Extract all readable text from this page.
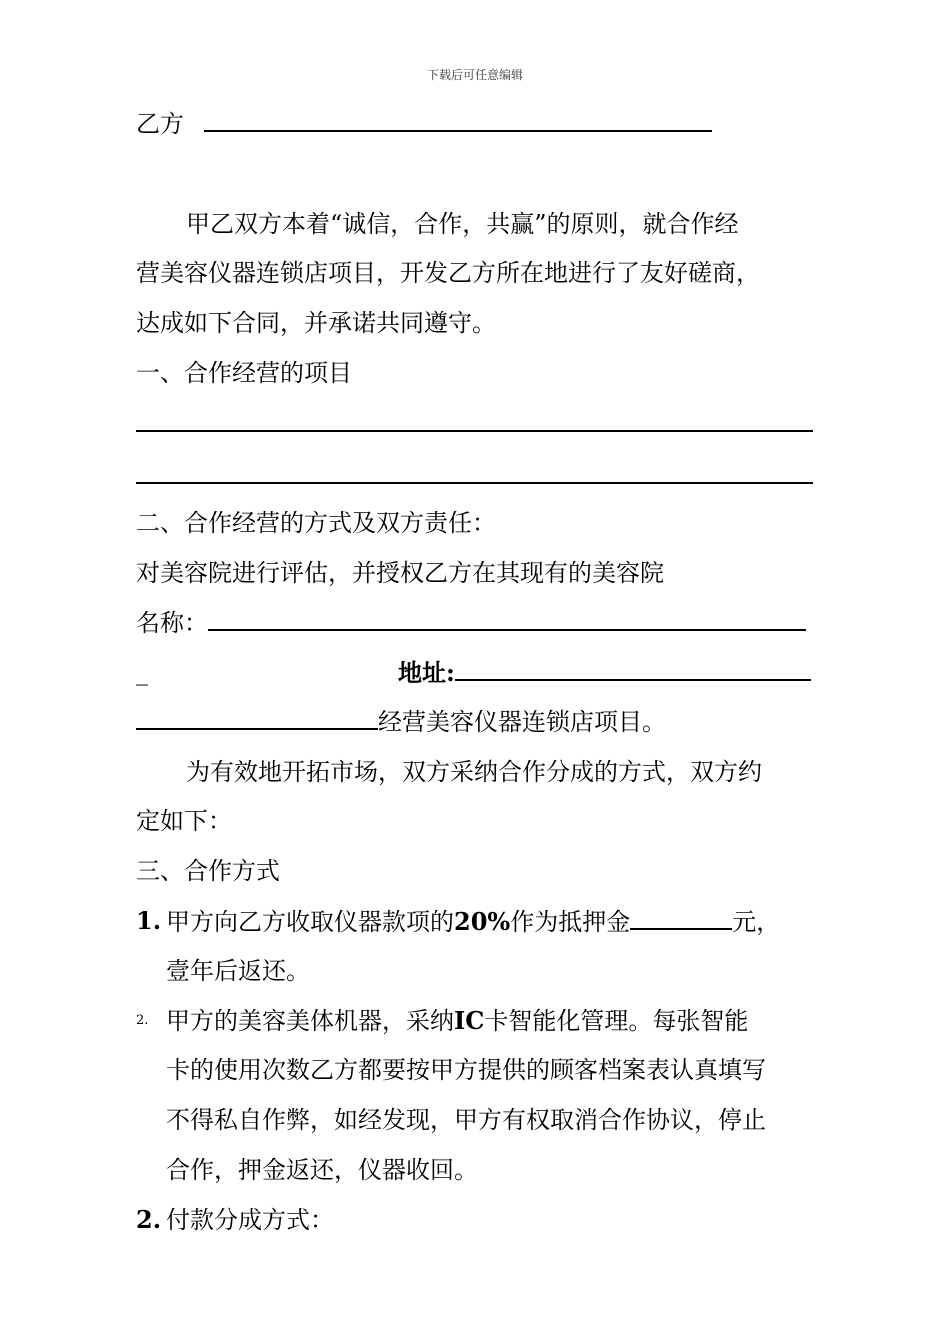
下载后可任意编辑
乙方
甲乙双方本着“诚信，合作，共赢”的原则，就合作经
营美容仪器连锁店项目，开发乙方所在地进行了友好磋商，
达成如下合同，并承诺共同遵守。
一、合作经营的项目
二、合作经营的方式及双方责任：
对美容院进行评估，并授权乙方在其现有的美容院
名称：
_	地址:
经营美容仪器连锁店项目。
为有效地开拓市场，双方采纳合作分成的方式，双方约
定如下：
三、合作方式
1. 甲方向乙方收取仪器款项的20%作为抵押金	元，
壹年后返还。
2. 甲方的美容美体机器，采纳IC卡智能化管理。每张智能
卡的使用次数乙方都要按甲方提供的顾客档案表认真填写
不得私自作弊，如经发现，甲方有权取消合作协议，停止
合作，押金返还，仪器收回。
2. 付款分成方式：
